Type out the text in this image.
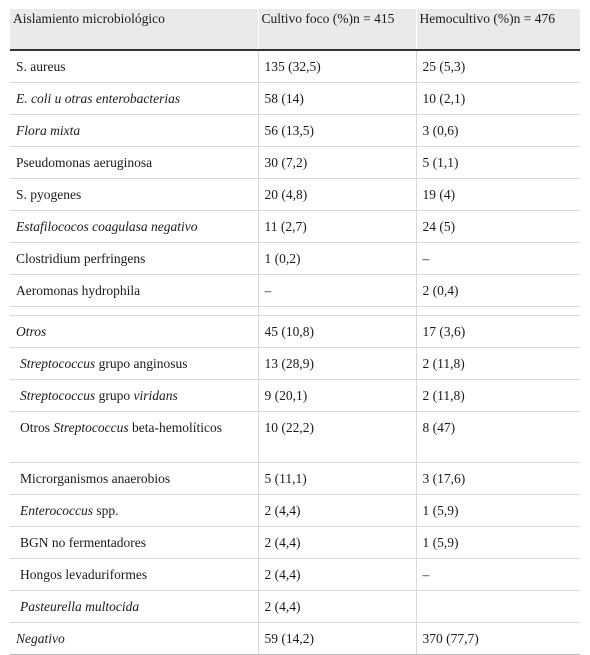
Aislamiento microbiológico	Cultivo foco (%)n = 415	Hemocultivo (%)n = 476
S. aureus	135 (32,5)	25 (5,3)
E. coli u otras enterobacterias	58 (14)	10 (2,1)
Flora mixta	56 (13,5)	3 (0,6)
Pseudomonas aeruginosa	30 (7,2)	5 (1,1)
S. pyogenes	20 (4,8)	19 (4)
Estafilococos coagulasa negativo	11 (2,7)	24 (5)
Clostridium perfringens	1 (0,2)	–
Aeromonas hydrophila	–	2 (0,4)

Otros	45 (10,8)	17 (3,6)
Streptococcus grupo anginosus	13 (28,9)	2 (11,8)
Streptococcus grupo viridans	9 (20,1)	2 (11,8)
Otros Streptococcus beta-hemolíticos	10 (22,2)	8 (47)
Microrganismos anaerobios	5 (11,1)	3 (17,6)
Enterococcus spp.	2 (4,4)	1 (5,9)
BGN no fermentadores	2 (4,4)	1 (5,9)
Hongos levaduriformes	2 (4,4)	–
Pasteurella multocida	2 (4,4)	
Negativo	59 (14,2)	370 (77,7)
